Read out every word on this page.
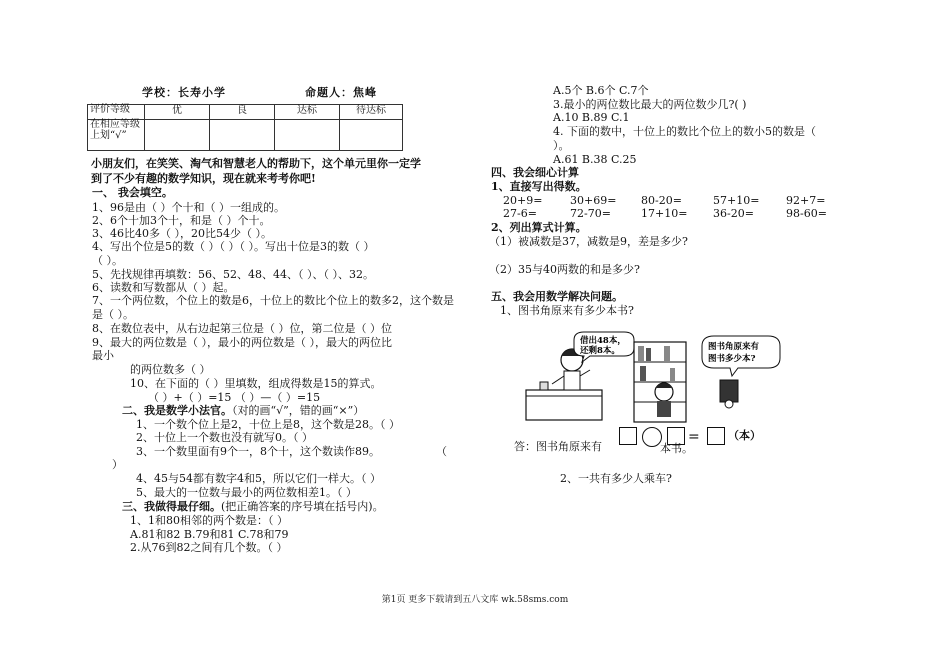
学校：长寿小学	命题人：焦峰
评价等级	优	良	达标	待达标
在相应等级
上划“√”				
小朋友们，在笑笑、淘气和智慧老人的帮助下，这个单元里你一定学
到了不少有趣的数学知识，现在就来考考你吧!
一、 我会填空。
1、96是由（ ）个十和（ ）一组成的。
2、6个十加3个十，和是（ ）个十。
3、46比40多（ ），20比54少（ ）。
4、写出个位是5的数（ ）（ ）（ ）。写出十位是3的数（ ）
（ ）。
5、先找规律再填数：56、52、48、44、（ ）、（ ）、32。
6、读数和写数都从（ ）起。
7、一个两位数，个位上的数是6，十位上的数比个位上的数多2，这个数是
是（ ）。
8、在数位表中，从右边起第三位是（ ）位，第二位是（ ）位
9、最大的两位数是（ ），最小的两位数是（ ），最大的两位比
最小
的两位数多（ ）
10、在下面的（ ）里填数，组成得数是15的算式。
（ ）+（ ）=15 （ ）—（ ）=15
二、我是数学小法官。（对的画“√”，错的画“×”）
1、一个数个位上是2，十位上是8，这个数是28。（ ）
2、十位上一个数也没有就写0。（ ）
3、一个数里面有9个一，8个十，这个数读作89。	（
）
4、45与54都有数字4和5，所以它们一样大。（ ）
5、最大的一位数与最小的两位数相差1。（ ）
三、我做得最仔细。(把正确答案的序号填在括号内)。
1、1和80相邻的两个数是：（ ）
A.81和82 B.79和81 C.78和79
2.从76到82之间有几个数。（ ）
A.5个 B.6个 C.7个
3.最小的两位数比最大的两位数少几?( )
A.10 B.89 C.1
4. 下面的数中，十位上的数比个位上的数小5的数是（
）。
A.61 B.38 C.25
四、我会细心计算
1、直接写出得数。
20+9=	30+69= 80-20=	57+10= 92+7=
27-6=	72-70=	17+10= 36-20=	98-60=
2、列出算式计算。
（1）被减数是37，减数是9，差是多少?
（2）35与40两数的和是多少?
五、我会用数学解决问题。
1、图书角原来有多少本书?
借出48本，
还剩8本。	图书角原来有
图书多少本?
答：图书角原来有
=	（本）
本书。
2、一共有多少人乘车?
第1页 更多下载请到五八文库 wk.58sms.com
